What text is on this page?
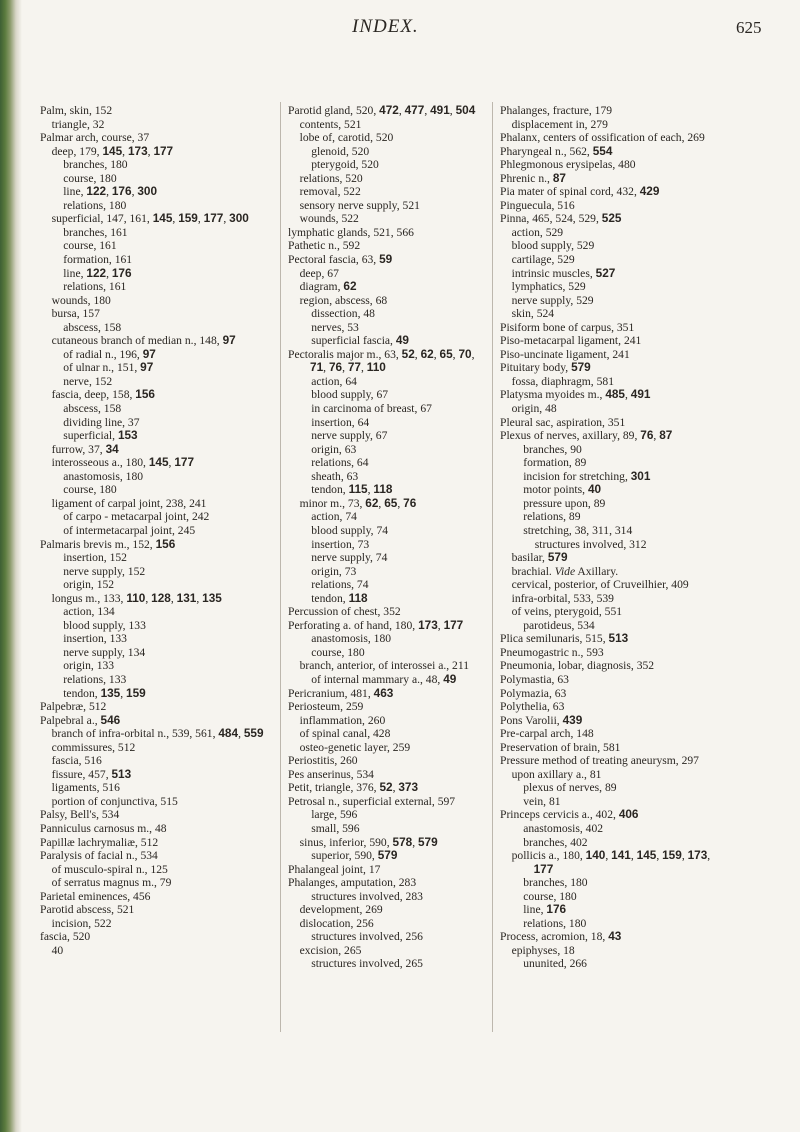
INDEX.	625
Palm, skin, 152
triangle, 32
Palmar arch, course, 37
deep, 179, 145, 173, 177
branches, 180
course, 180
line, 122, 176, 300
relations, 180
superficial, 147, 161, 145, 159, 177, 300
branches, 161
course, 161
formation, 161
line, 122, 176
relations, 161
wounds, 180
bursa, 157
abscess, 158
cutaneous branch of median n., 148, 97
of radial n., 196, 97
of ulnar n., 151, 97
nerve, 152
fascia, deep, 158, 156
abscess, 158
dividing line, 37
superficial, 153
furrow, 37, 34
interosseous a., 180, 145, 177
anastomosis, 180
course, 180
ligament of carpal joint, 238, 241
of carpo - metacarpal joint, 242
of intermetacarpal joint, 245
Palmaris brevis m., 152, 156
insertion, 152
nerve supply, 152
origin, 152
longus m., 133, 110, 128, 131, 135
action, 134
blood supply, 133
insertion, 133
nerve supply, 134
origin, 133
relations, 133
tendon, 135, 159
Palpebræ, 512
Palpebral a., 546
branch of infra-orbital n., 539, 561, 484, 559
commissures, 512
fascia, 516
fissure, 457, 513
ligaments, 516
portion of conjunctiva, 515
Palsy, Bell's, 534
Panniculus carnosus m., 48
Papillæ lachrymaliæ, 512
Paralysis of facial n., 534
of musculo-spiral n., 125
of serratus magnus m., 79
Parietal eminences, 456
Parotid abscess, 521
incision, 522
fascia, 520
40
Parotid gland, 520, 472, 477, 491, 504
contents, 521
lobe of, carotid, 520
glenoid, 520
pterygoid, 520
relations, 520
removal, 522
sensory nerve supply, 521
wounds, 522
lymphatic glands, 521, 566
Pathetic n., 592
Pectoral fascia, 63, 59
deep, 67
diagram, 62
region, abscess, 68
dissection, 48
nerves, 53
superficial fascia, 49
Pectoralis major m., 63, 52, 62, 65, 70, 71, 76, 77, 110
action, 64
blood supply, 67
in carcinoma of breast, 67
insertion, 64
nerve supply, 67
origin, 63
relations, 64
sheath, 63
tendon, 115, 118
minor m., 73, 62, 65, 76
action, 74
blood supply, 74
insertion, 73
nerve supply, 74
origin, 73
relations, 74
tendon, 118
Percussion of chest, 352
Perforating a. of hand, 180, 173, 177
anastomosis, 180
course, 180
branch, anterior, of interossei a., 211
of internal mammary a., 48, 49
Pericranium, 481, 463
Periosteum, 259
inflammation, 260
of spinal canal, 428
osteo-genetic layer, 259
Periostitis, 260
Pes anserinus, 534
Petit, triangle, 376, 52, 373
Petrosal n., superficial external, 597
large, 596
small, 596
sinus, inferior, 590, 578, 579
superior, 590, 579
Phalangeal joint, 17
Phalanges, amputation, 283
structures involved, 283
development, 269
dislocation, 256
structures involved, 256
excision, 265
structures involved, 265
Phalanges, fracture, 179
displacement in, 279
Phalanx, centers of ossification of each, 269
Pharyngeal n., 562, 554
Phlegmonous erysipelas, 480
Phrenic n., 87
Pia mater of spinal cord, 432, 429
Pinguecula, 516
Pinna, 465, 524, 529, 525
action, 529
blood supply, 529
cartilage, 529
intrinsic muscles, 527
lymphatics, 529
nerve supply, 529
skin, 524
Pisiform bone of carpus, 351
Piso-metacarpal ligament, 241
Piso-uncinate ligament, 241
Pituitary body, 579
fossa, diaphragm, 581
Platysma myoides m., 485, 491
origin, 48
Pleural sac, aspiration, 351
Plexus of nerves, axillary, 89, 76, 87
branches, 90
formation, 89
incision for stretching, 301
motor points, 40
pressure upon, 89
relations, 89
stretching, 38, 311, 314
structures involved, 312
basilar, 579
brachial. Vide Axillary.
cervical, posterior, of Cruveilhier, 409
infra-orbital, 533, 539
of veins, pterygoid, 551
parotideus, 534
Plica semilunaris, 515, 513
Pneumogastric n., 593
Pneumonia, lobar, diagnosis, 352
Polymastia, 63
Polymazia, 63
Polythelia, 63
Pons Varolii, 439
Pre-carpal arch, 148
Preservation of brain, 581
Pressure method of treating aneurysm, 297
upon axillary a., 81
plexus of nerves, 89
vein, 81
Princeps cervicis a., 402, 406
anastomosis, 402
branches, 402
pollicis a., 180, 140, 141, 145, 159, 173, 177
branches, 180
course, 180
line, 176
relations, 180
Process, acromion, 18, 43
epiphyses, 18
ununited, 266
